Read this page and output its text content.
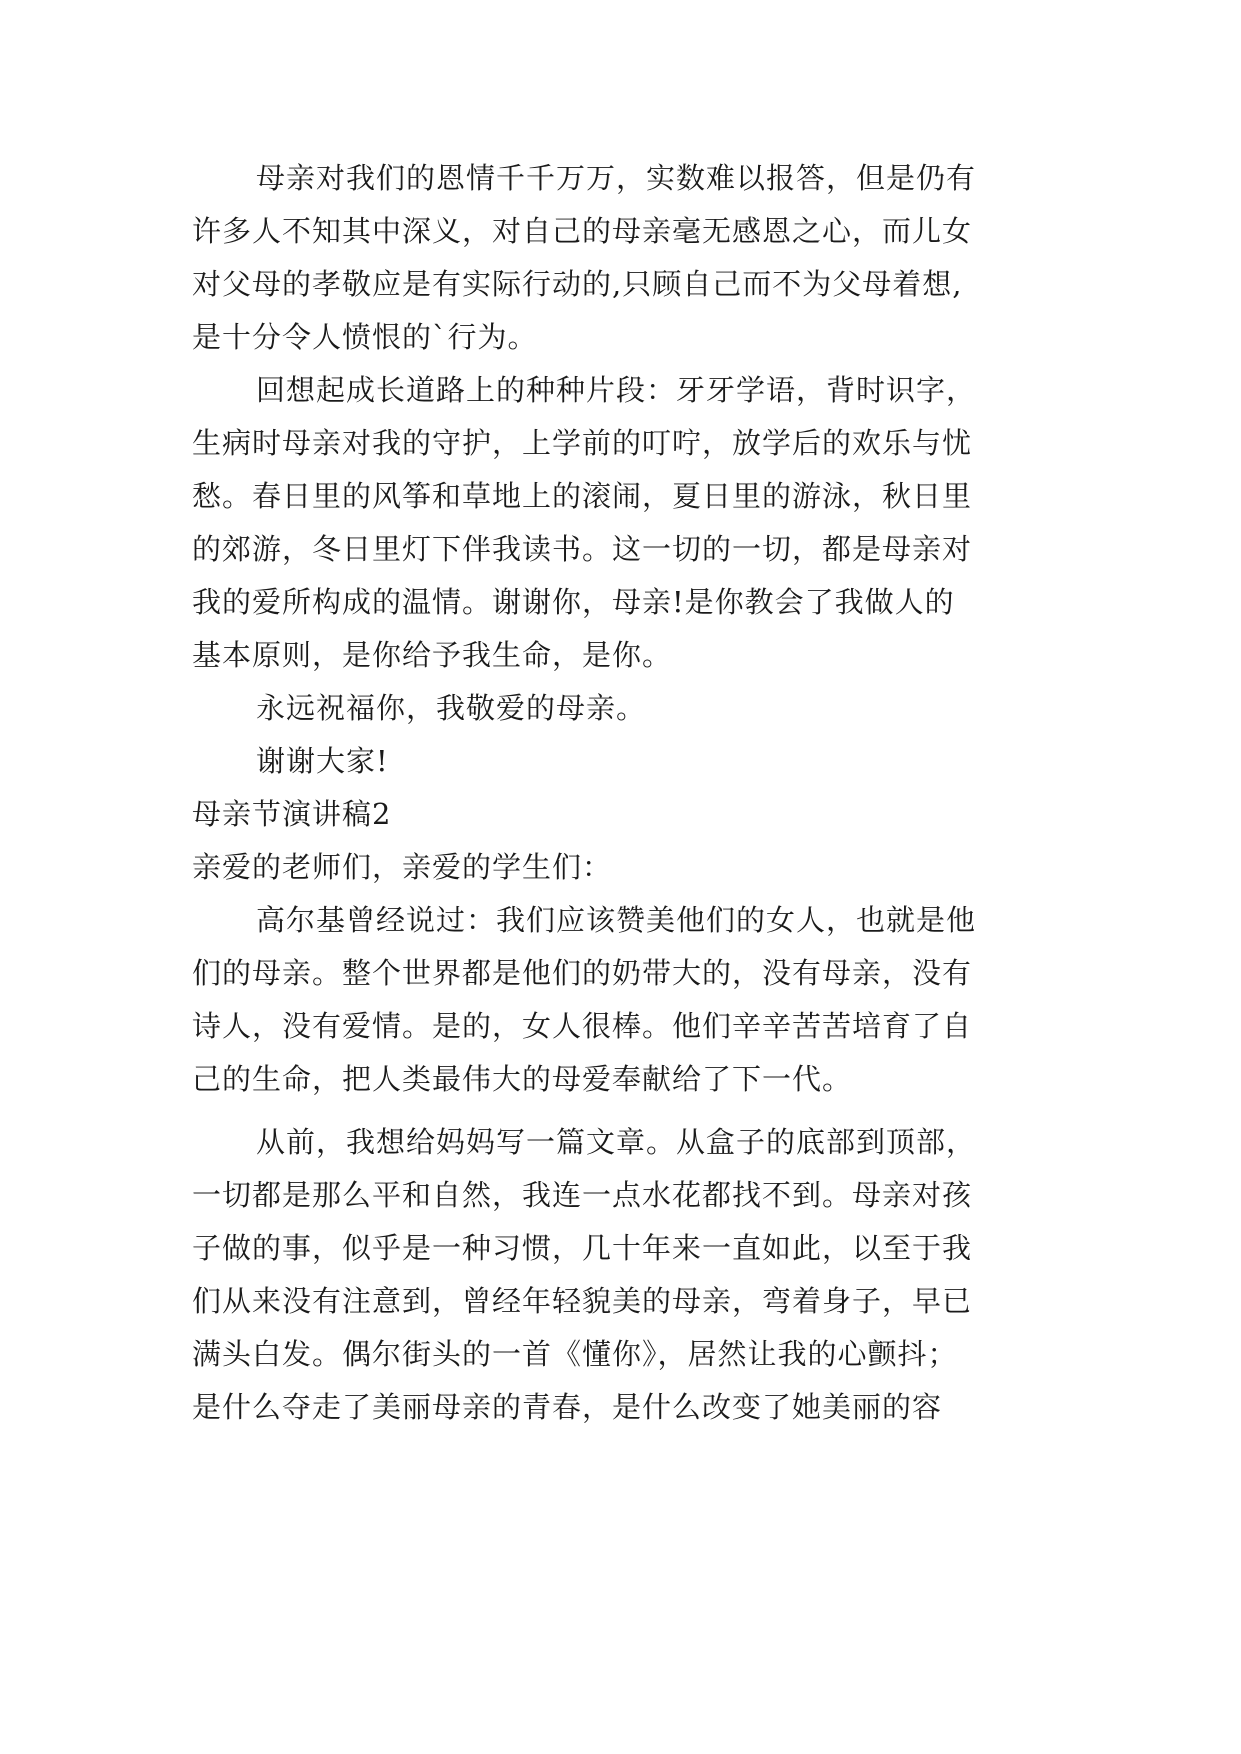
母亲对我们的恩情千千万万，实数难以报答，但是仍有
许多人不知其中深义，对自己的母亲毫无感恩之心，而儿女
对父母的孝敬应是有实际行动的,只顾自己而不为父母着想,
是十分令人愤恨的`行为。
回想起成长道路上的种种片段：牙牙学语，背时识字，
生病时母亲对我的守护，上学前的叮咛，放学后的欢乐与忧
愁。春日里的风筝和草地上的滚闹，夏日里的游泳，秋日里
的郊游，冬日里灯下伴我读书。这一切的一切，都是母亲对
我的爱所构成的温情。谢谢你，母亲!是你教会了我做人的
基本原则，是你给予我生命，是你。
永远祝福你，我敬爱的母亲。
谢谢大家!
母亲节演讲稿2
亲爱的老师们，亲爱的学生们：
高尔基曾经说过：我们应该赞美他们的女人，也就是他
们的母亲。整个世界都是他们的奶带大的，没有母亲，没有
诗人，没有爱情。是的，女人很棒。他们辛辛苦苦培育了自
己的生命，把人类最伟大的母爱奉献给了下一代。
从前，我想给妈妈写一篇文章。从盒子的底部到顶部，
一切都是那么平和自然，我连一点水花都找不到。母亲对孩
子做的事，似乎是一种习惯，几十年来一直如此，以至于我
们从来没有注意到，曾经年轻貌美的母亲，弯着身子，早已
满头白发。偶尔街头的一首《懂你》，居然让我的心颤抖；
是什么夺走了美丽母亲的青春，是什么改变了她美丽的容
